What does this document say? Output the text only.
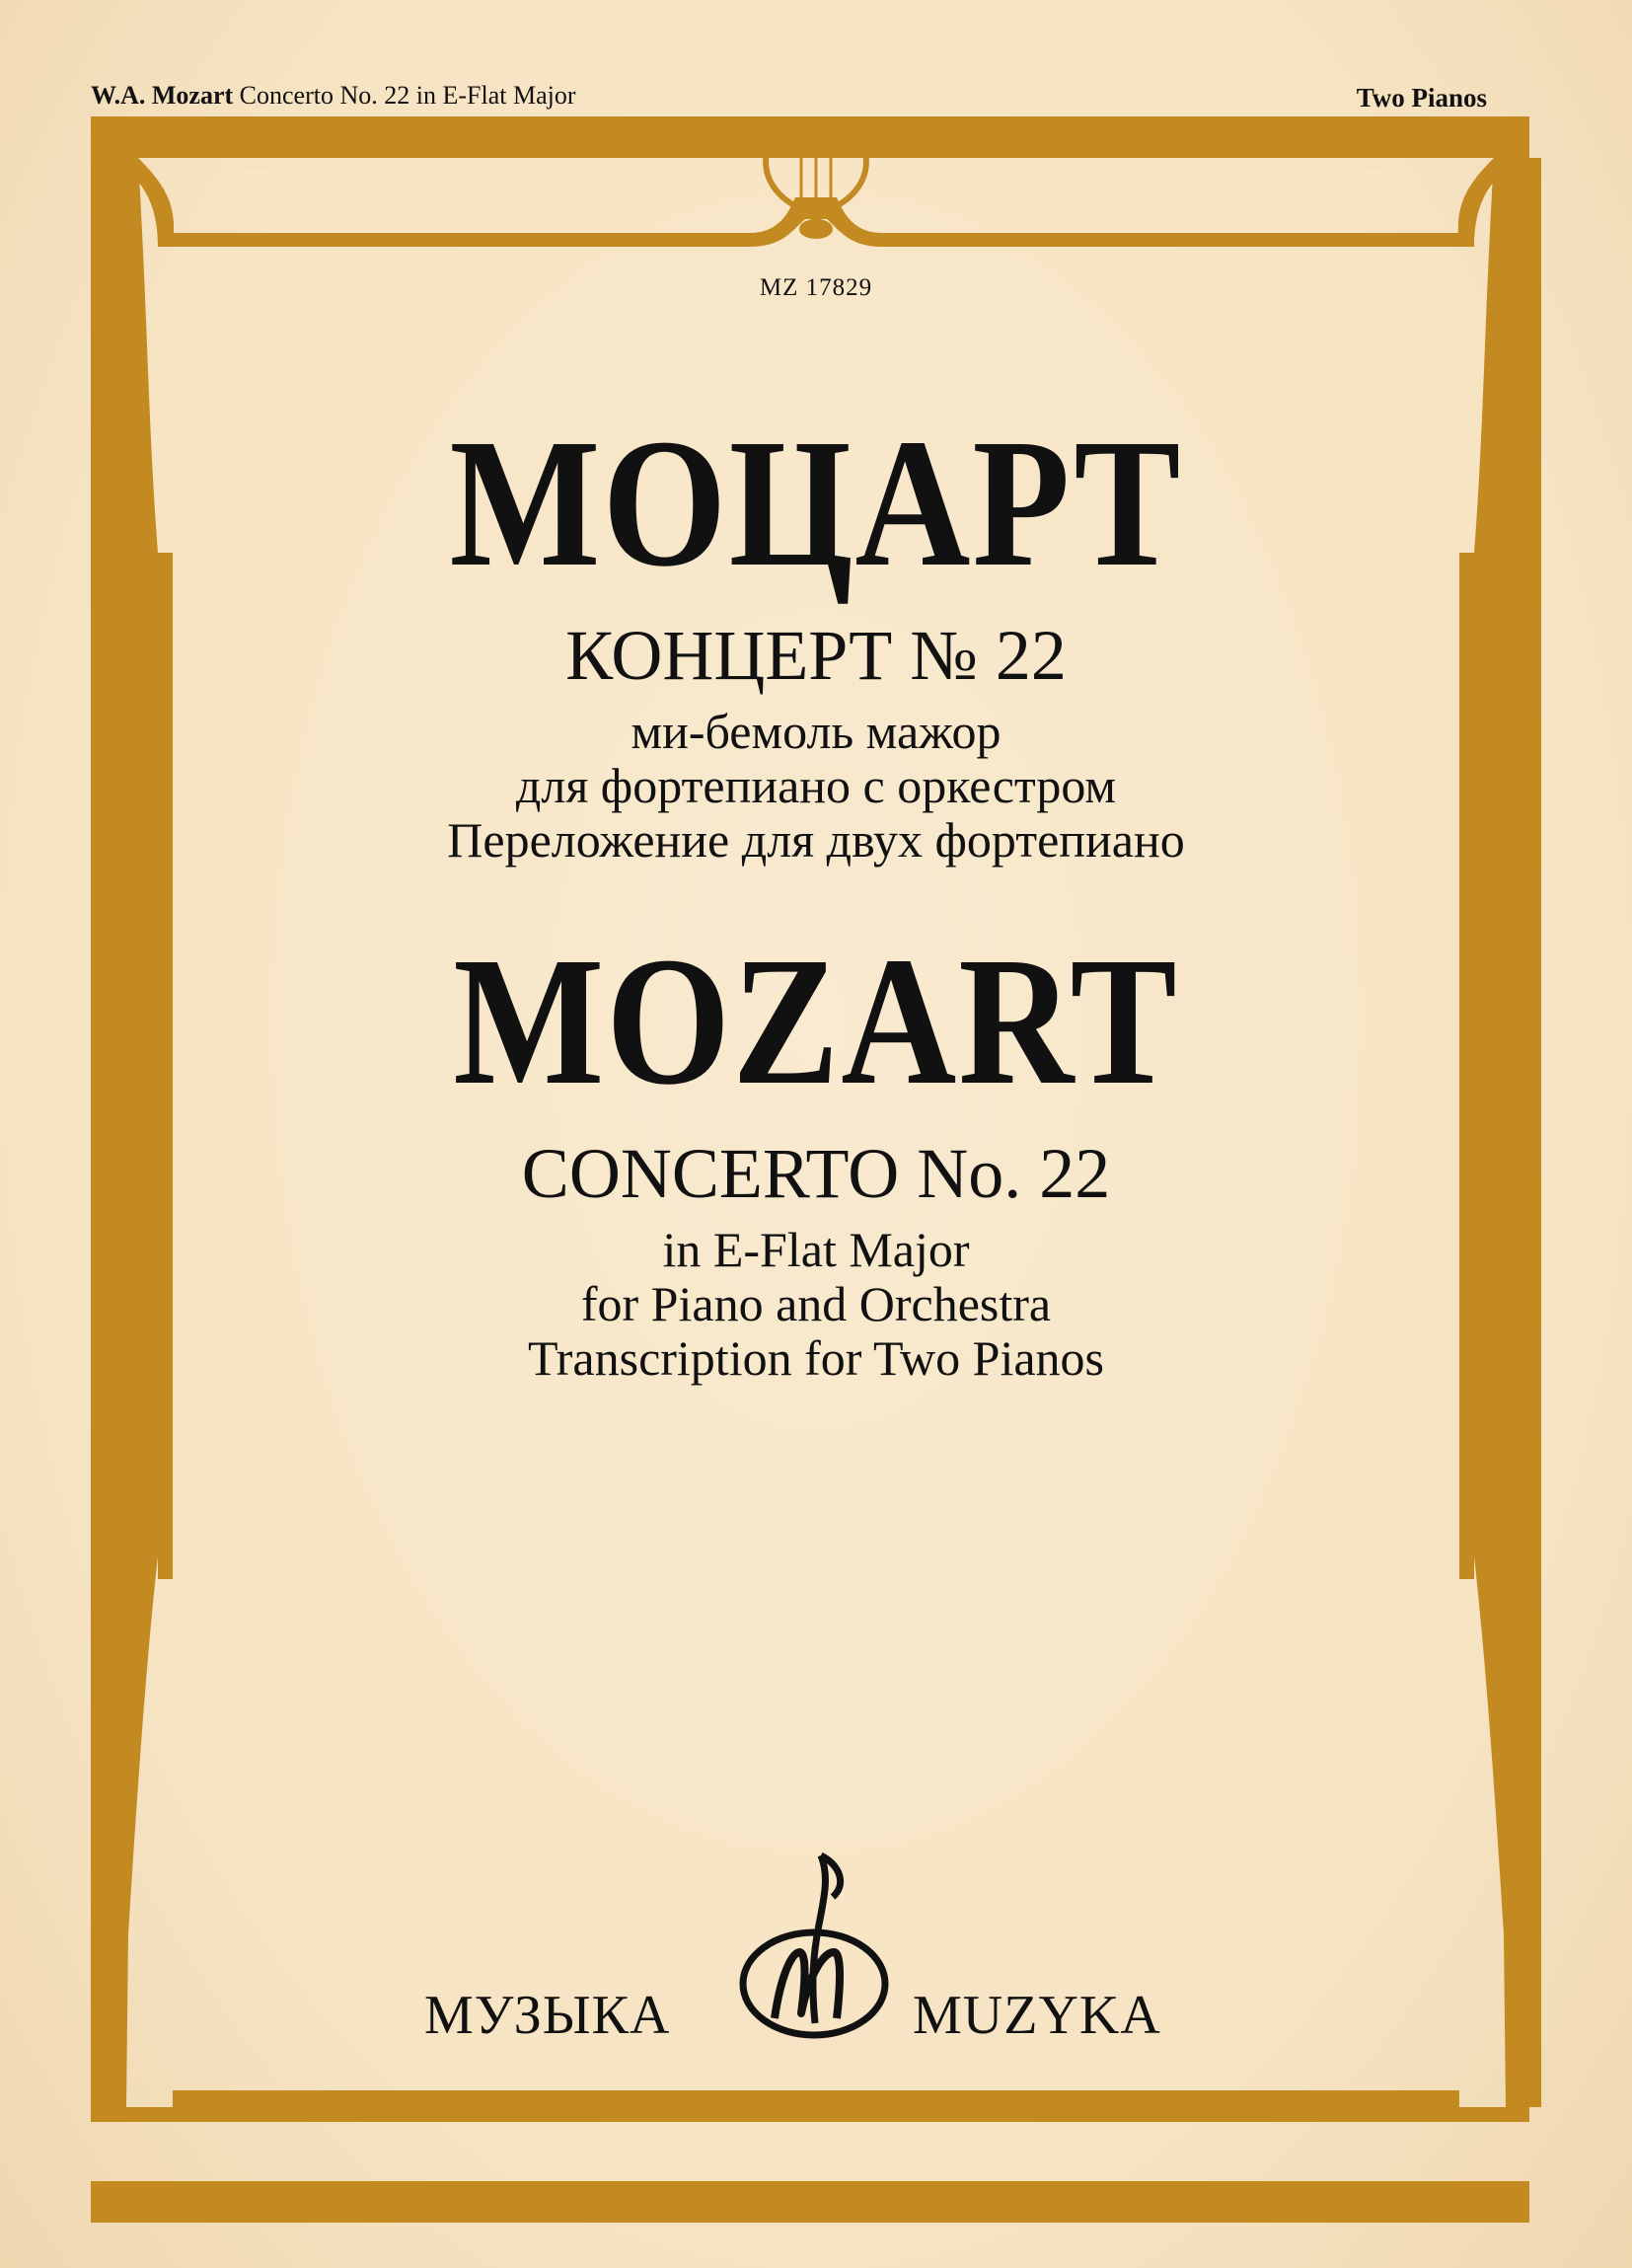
W.A. Mozart Concerto No. 22 in E-Flat Major	Two Pianos
MZ 17829
МОЦАРТ
КОНЦЕРТ № 22
ми-бемоль мажор
для фортепиано с оркестром
Переложение для двух фортепиано
MOZART
CONCERTO No. 22
in E-Flat Major
for Piano and Orchestra
Transcription for Two Pianos
МУЗЫКА	MUZYKA
